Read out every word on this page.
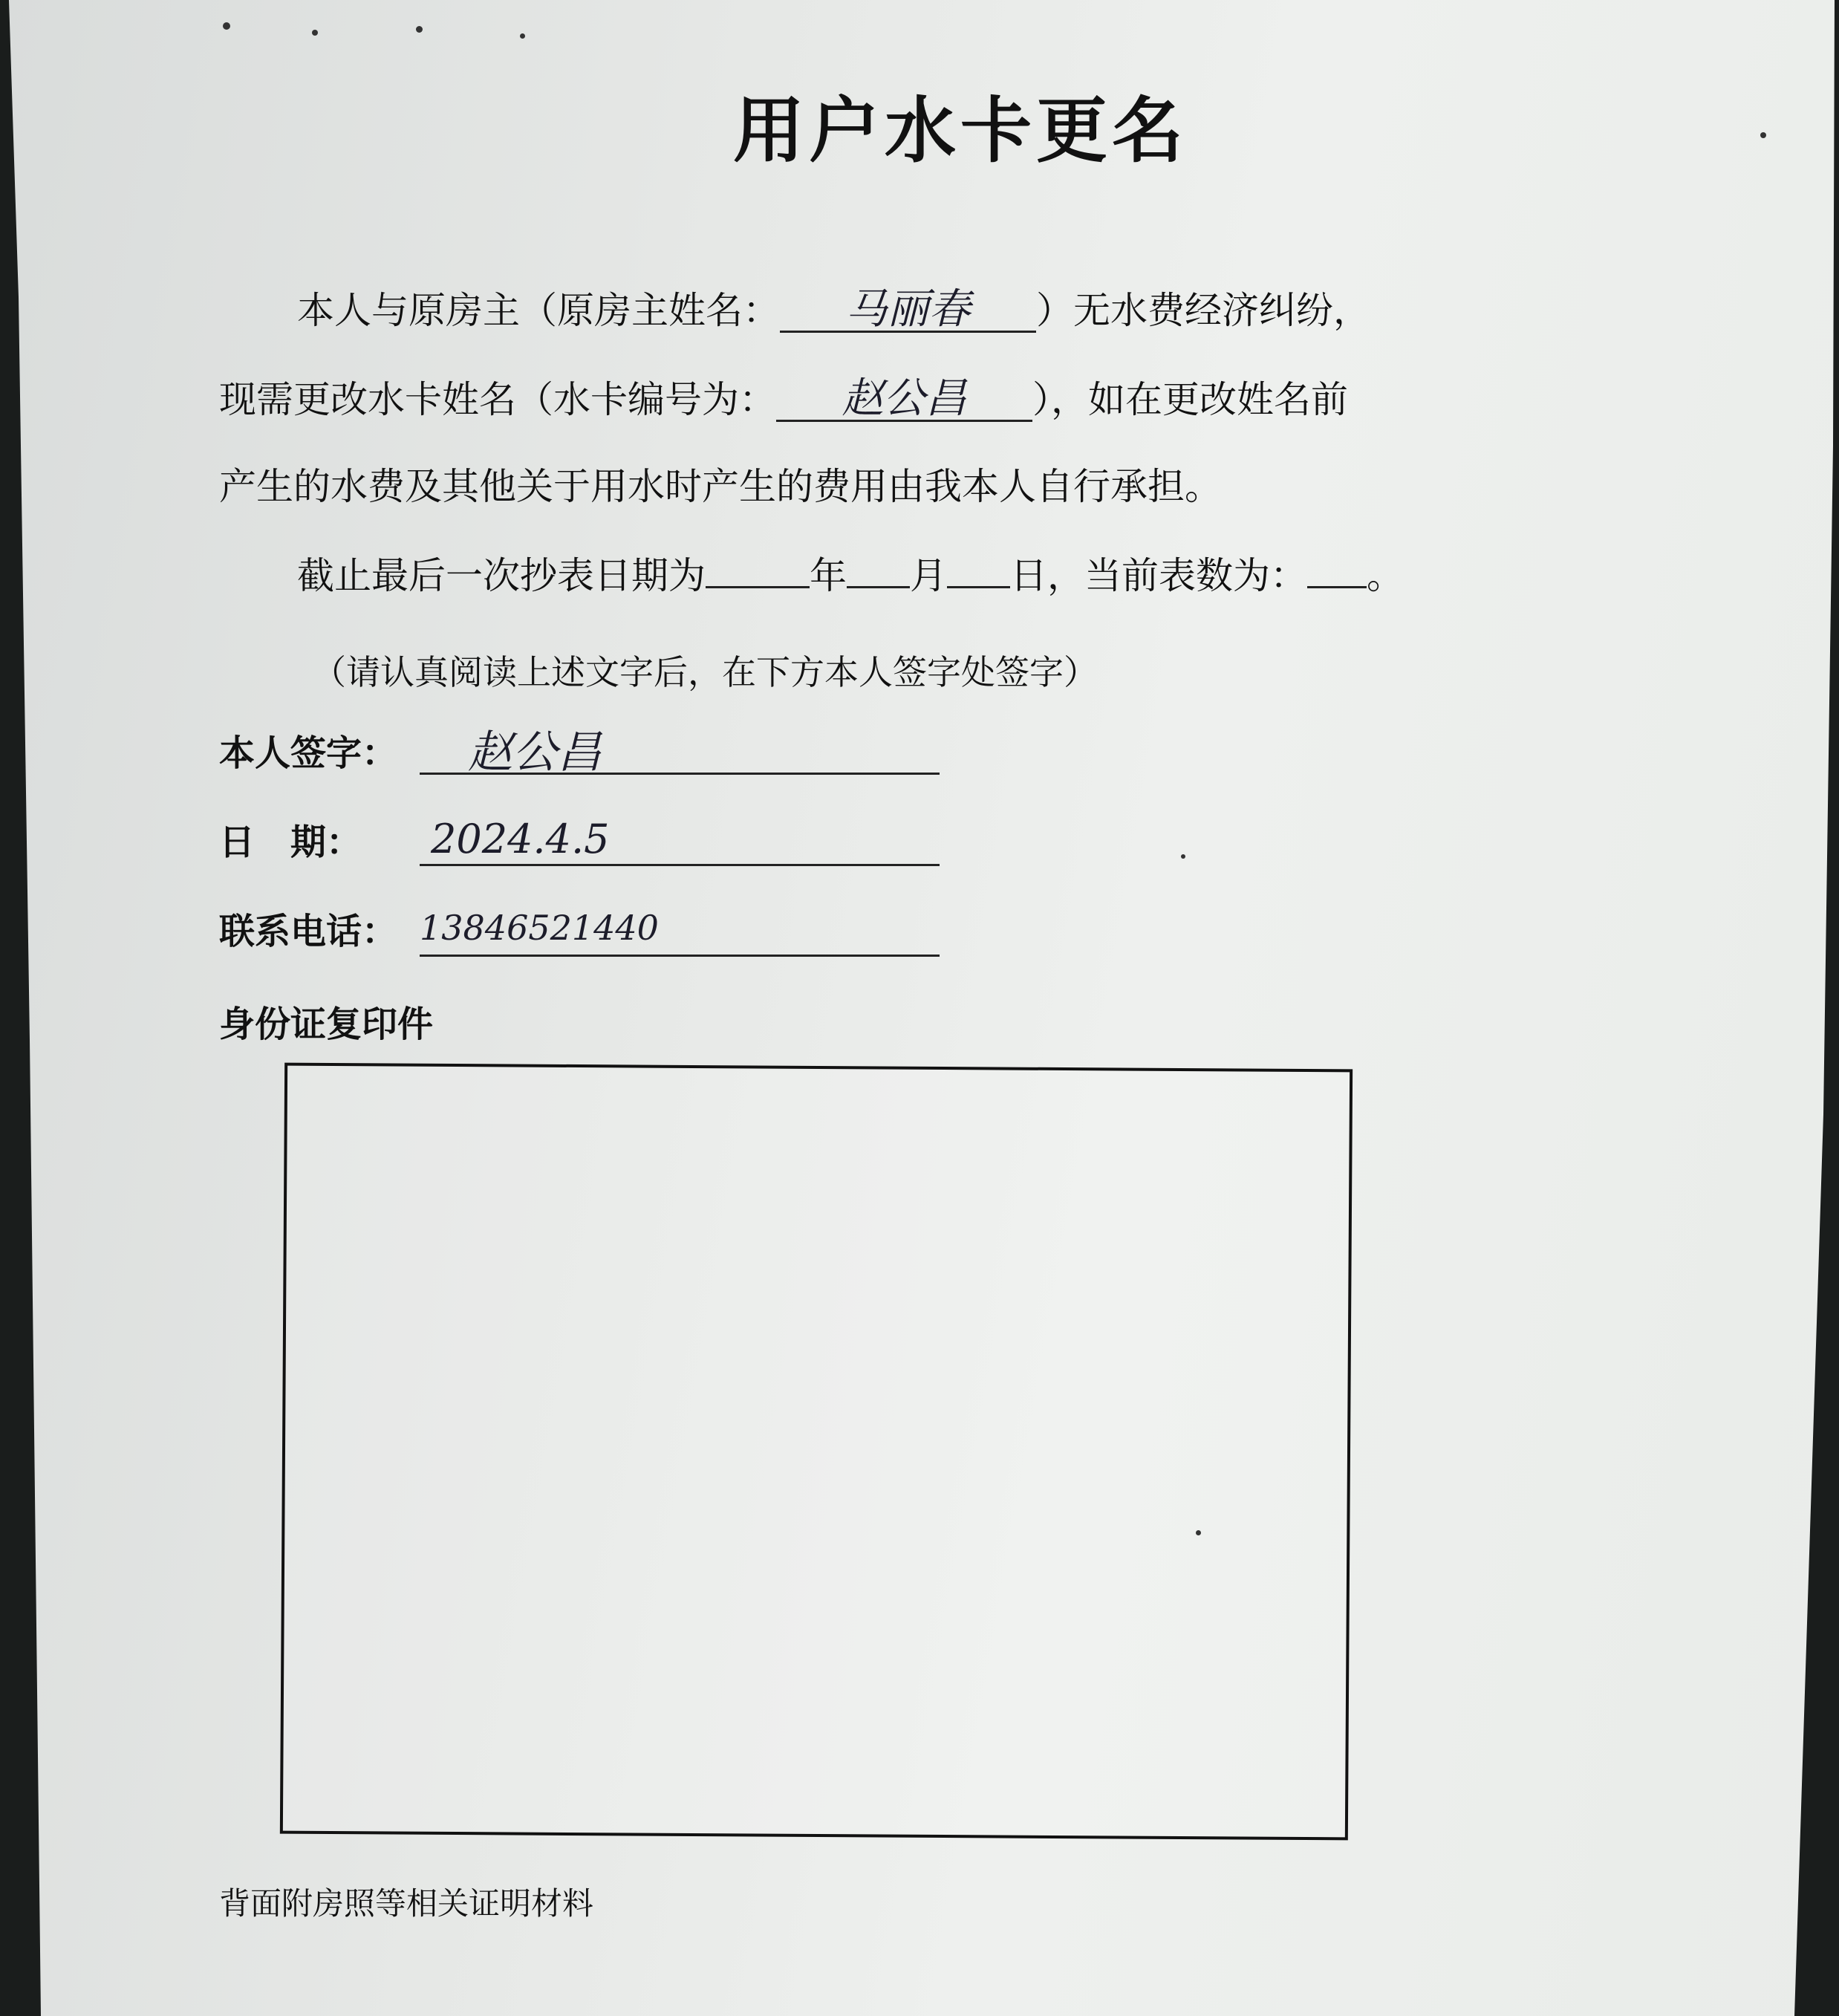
用户水卡更名
本人与原房主（原房主姓名： 马丽春 ）无水费经济纠纷，
现需更改水卡姓名（水卡编号为： 赵公昌 ），如在更改姓名前
产生的水费及其他关于用水时产生的费用由我本人自行承担。
截止最后一次抄表日期为	年 月 日，当前表数为： 。
（请认真阅读上述文字后，在下方本人签字处签字）
本人签字： 赵公昌
日　期： 2024.4.5
联系电话： 13846521440
身份证复印件
背面附房照等相关证明材料
